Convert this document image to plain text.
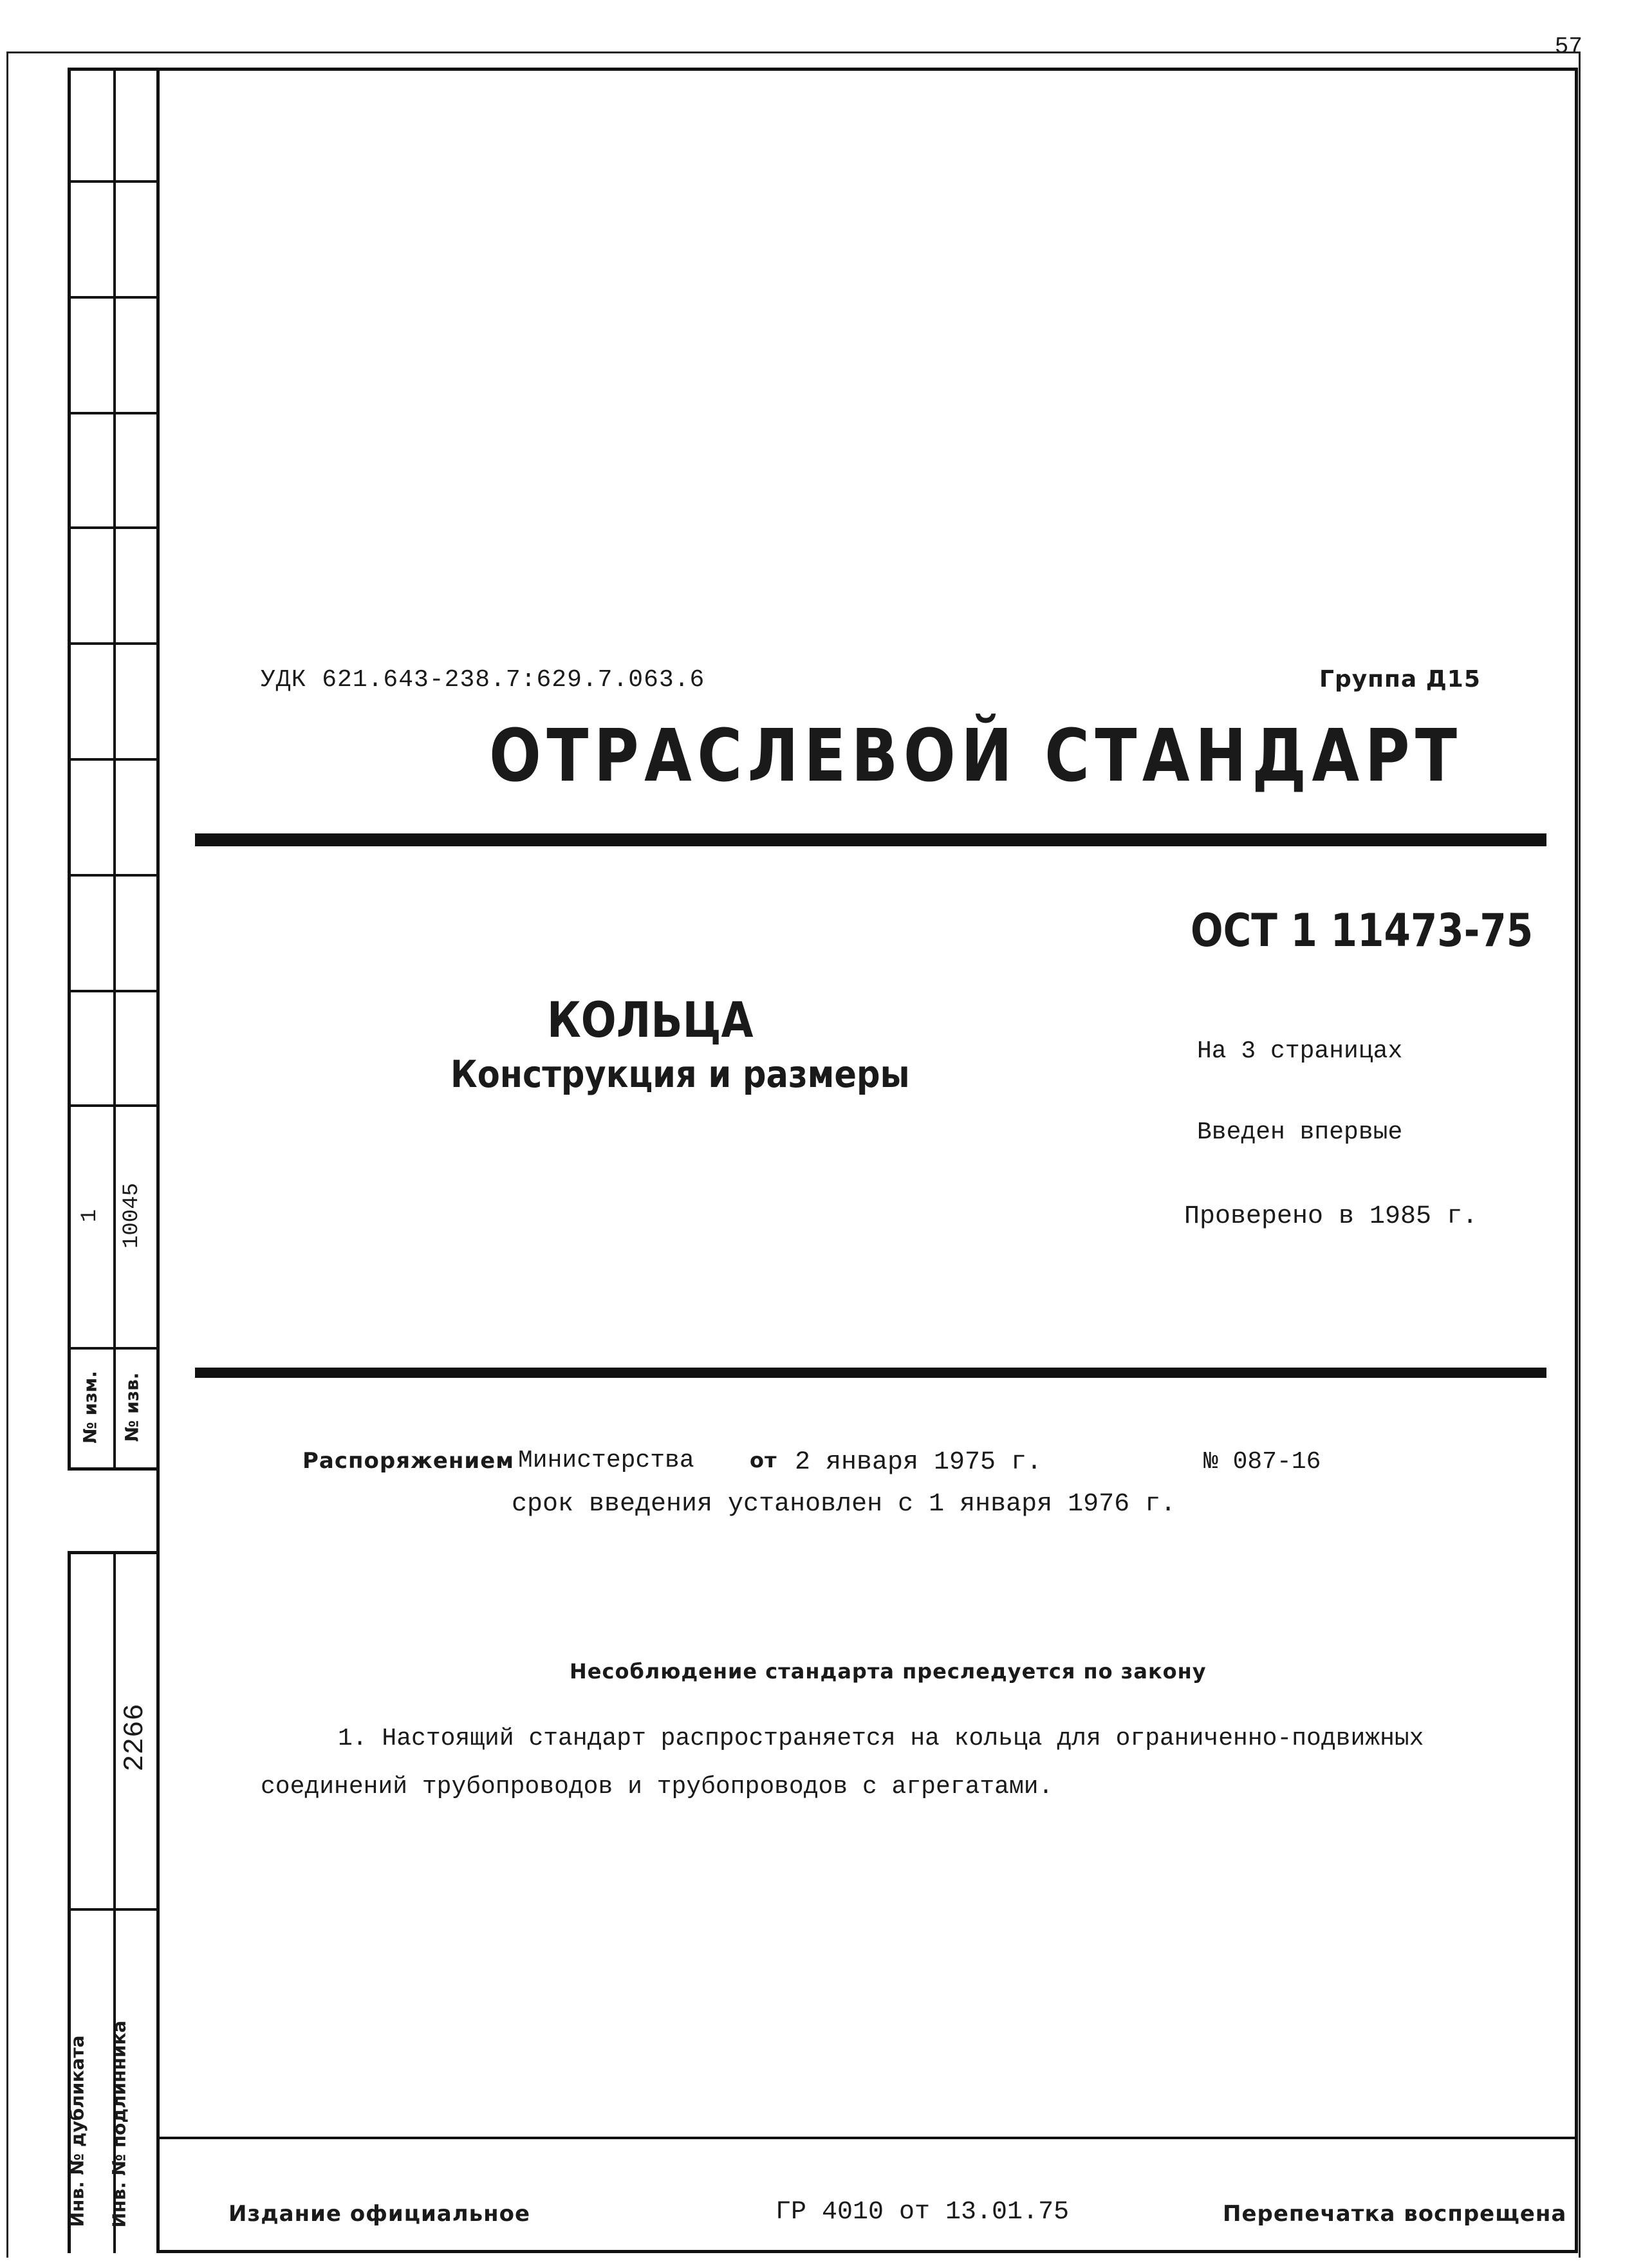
57
1 10045
№ изм. № изв.
2266
Инв. № дубликата Инв. № подлинника
УДК 621.643-238.7:629.7.063.6	Группа Д15
ОТРАСЛЕВОЙ СТАНДАРТ
ОСТ 1 11473-75
КОЛЬЦА
Конструкция и размеры
На 3 страницах
Введен впервые
Проверено в 1985 г.
Распоряжением Министерства	от 2 января 1975 г.	№ 087-16
срок введения установлен с 1 января 1976 г.
Несоблюдение стандарта преследуется по закону
1. Настоящий стандарт распространяется на кольца для ограниченно-подвижных
соединений трубопроводов и трубопроводов с агрегатами.
Издание официальное	ГР 4010 от 13.01.75	Перепечатка воспрещена
